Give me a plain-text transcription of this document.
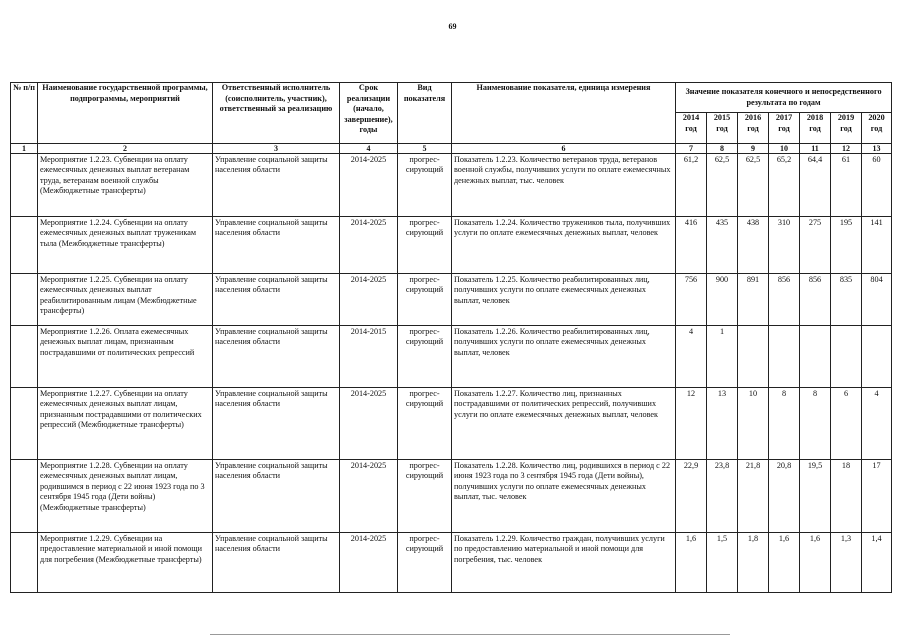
69
№ п/п	Наименование государственной программы, подпрограммы, мероприятий	Ответственный исполнитель (соисполнитель, участник), ответственный за реализацию	Срок реализации (начало, завершение), годы	Вид показателя	Наименование показателя, единица измерения	Значение показателя конечного и непосредственного результата по годам						
						2014 год	2015 год	2016 год	2017 год	2018 год	2019 год	2020 год
1	2	3	4	5	6	7	8	9	10	11	12	13
	Мероприятие 1.2.23. Субвенции на оплату ежемесячных денежных выплат ветеранам труда, ветеранам военной службы (Межбюджетные трансферты)	Управление социальной защиты населения области	2014-2025	прогрес-сирующий	Показатель 1.2.23. Количество ветеранов труда, ветеранов военной службы, получивших услуги по оплате ежемесячных денежных выплат, тыс. человек	61,2	62,5	62,5	65,2	64,4	61	60
	Мероприятие 1.2.24. Субвенции на оплату ежемесячных денежных выплат труженикам тыла (Межбюджетные трансферты)	Управление социальной защиты населения области	2014-2025	прогрес-сирующий	Показатель 1.2.24. Количество тружеников тыла, получивших услуги по оплате ежемесячных денежных выплат, человек	416	435	438	310	275	195	141
	Мероприятие 1.2.25. Субвенции на оплату ежемесячных денежных выплат реабилитированным лицам (Межбюджетные трансферты)	Управление социальной защиты населения области	2014-2025	прогрес-сирующий	Показатель 1.2.25. Количество реабилитированных лиц, получивших услуги по оплате ежемесячных денежных выплат, человек	756	900	891	856	856	835	804
	Мероприятие 1.2.26. Оплата ежемесячных денежных выплат лицам, признанным пострадавшими от политических репрессий	Управление социальной защиты населения области	2014-2015	прогрес-сирующий	Показатель 1.2.26. Количество реабилитированных лиц, получивших услуги по оплате ежемесячных денежных выплат, человек	4	1					
	Мероприятие 1.2.27. Субвенции на оплату ежемесячных денежных выплат лицам, признанным пострадавшими от политических репрессий (Межбюджетные трансферты)	Управление социальной защиты населения области	2014-2025	прогрес-сирующий	Показатель 1.2.27. Количество лиц, признанных пострадавшими от политических репрессий, получивших услуги по оплате ежемесячных денежных выплат, человек	12	13	10	8	8	6	4
	Мероприятие 1.2.28. Субвенции на оплату ежемесячных денежных выплат лицам, родившимся в период с 22 июня 1923 года по 3 сентября 1945 года (Дети войны) (Межбюджетные трансферты)	Управление социальной защиты населения области	2014-2025	прогрес-сирующий	Показатель 1.2.28. Количество лиц, родившихся в период с 22 июня 1923 года по 3 сентября 1945 года (Дети войны), получивших услуги по оплате ежемесячных денежных выплат, тыс. человек	22,9	23,8	21,8	20,8	19,5	18	17
	Мероприятие 1.2.29. Субвенции на предоставление материальной и иной помощи для погребения (Межбюджетные трансферты)	Управление социальной защиты населения области	2014-2025	прогрес-сирующий	Показатель 1.2.29. Количество граждан, получивших услуги по предоставлению материальной и иной помощи для погребения, тыс. человек	1,6	1,5	1,8	1,6	1,6	1,3	1,4
